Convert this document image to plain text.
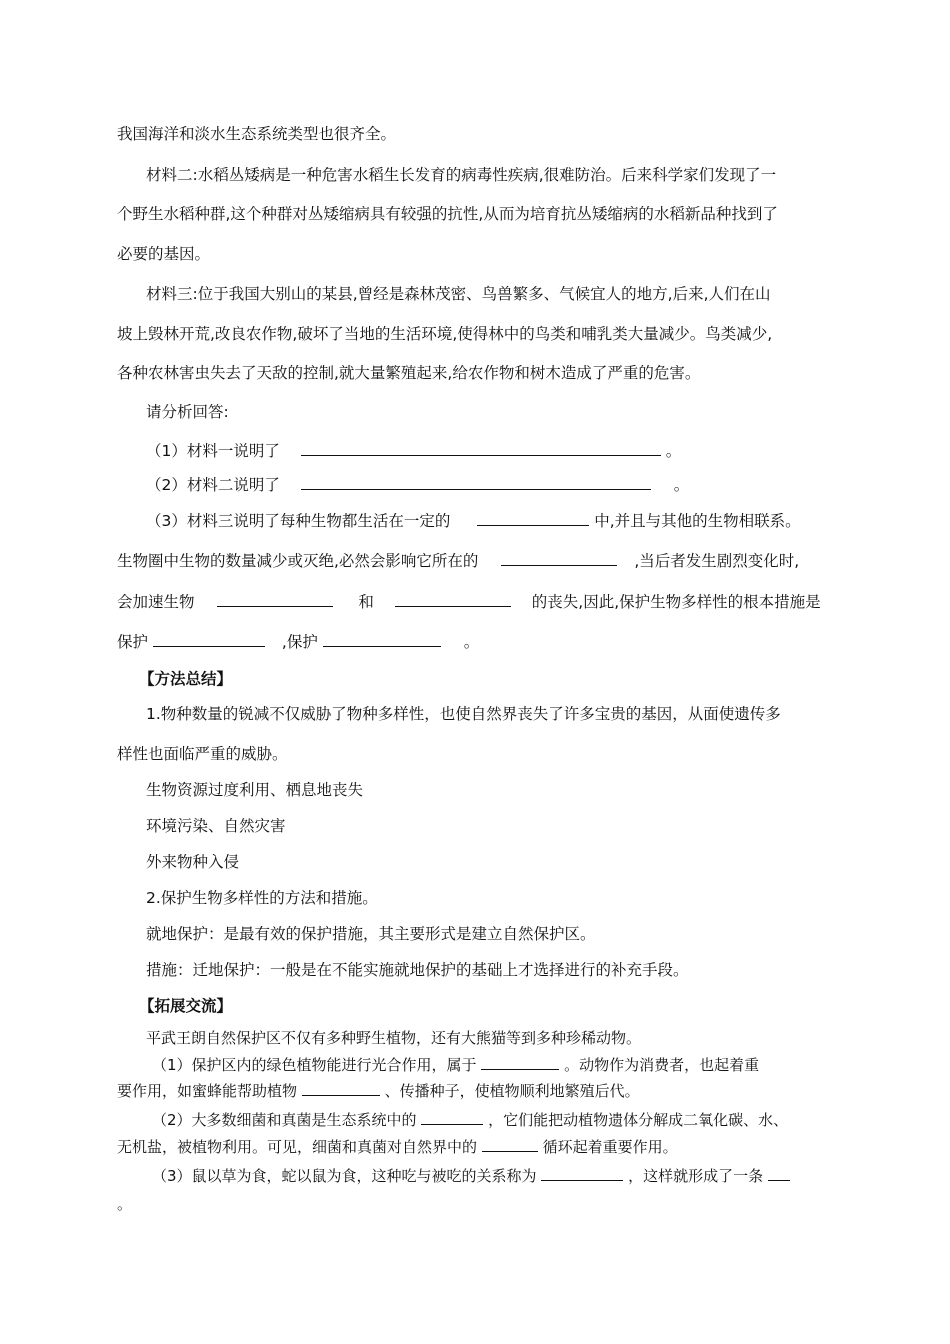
我国海洋和淡水生态系统类型也很齐全。
材料二:水稻丛矮病是一种危害水稻生长发育的病毒性疾病,很难防治。后来科学家们发现了一
个野生水稻种群,这个种群对丛矮缩病具有较强的抗性,从而为培育抗丛矮缩病的水稻新品种找到了
必要的基因。
材料三:位于我国大别山的某县,曾经是森林茂密、鸟兽繁多、气候宜人的地方,后来,人们在山
坡上毁林开荒,改良农作物,破坏了当地的生活环境,使得林中的鸟类和哺乳类大量减少。鸟类减少,
各种农林害虫失去了天敌的控制,就大量繁殖起来,给农作物和树木造成了严重的危害。
请分析回答:
（1）材料一说明了	。
（2）材料二说明了	。
（3）材料三说明了每种生物都生活在一定的	中,并且与其他的生物相联系。
生物圈中生物的数量减少或灭绝,必然会影响它所在的	,当后者发生剧烈变化时,
会加速生物	和	的丧失,因此,保护生物多样性的根本措施是
保护	,保护	。
【方法总结】
1.物种数量的锐减不仅威胁了物种多样性，也使自然界丧失了许多宝贵的基因，从面使遗传多
样性也面临严重的威胁。
生物资源过度利用、栖息地丧失
环境污染、自然灾害
外来物种入侵
2.保护生物多样性的方法和措施。
就地保护：是最有效的保护措施，其主要形式是建立自然保护区。
措施：迁地保护：一般是在不能实施就地保护的基础上才选择进行的补充手段。
【拓展交流】
平武王朗自然保护区不仅有多种野生植物，还有大熊猫等到多种珍稀动物。
（1）保护区内的绿色植物能进行光合作用，属于	。动物作为消费者，也起着重
要作用，如蜜蜂能帮助植物	、传播种子，使植物顺利地繁殖后代。
（2）大多数细菌和真菌是生态系统中的	，它们能把动植物遗体分解成二氧化碳、水、
无机盐，被植物利用。可见，细菌和真菌对自然界中的	循环起着重要作用。
（3）鼠以草为食，蛇以鼠为食，这种吃与被吃的关系称为	，这样就形成了一条
。
